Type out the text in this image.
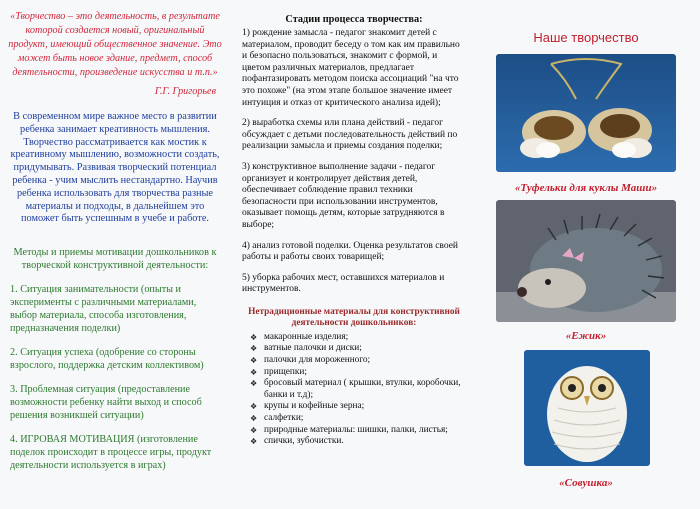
«Творчество – это деятельность, в результате которой создается новый, оригинальный продукт, имеющий общественное значение. Это может быть новое здание, предмет, способ деятельности, произведение искусства и т.п.»

Г.Г. Григорьев

В современном мире важное место в развитии ребенка занимает креативность мышления. Творчество рассматривается как мостик к креативному мышлению, возможности создать, придумывать. Развивая творческий потенциал ребенка - учим мыслить нестандартно. Научив ребенка использовать для творчества разные материалы и подходы, в дальнейшем это поможет быть успешным в учебе и работе.

Методы и приемы мотивации дошкольников к творческой конструктивной деятельности:

1. Ситуация занимательности (опыты и эксперименты с различными материалами, выбор материала, способа изготовления, предназначения поделки)

2. Ситуация успеха (одобрение со стороны взрослого, поддержка детским коллективом)

3. Проблемная ситуация (предоставление возможности ребенку найти выход и способ решения возникшей ситуации)

4. ИГРОВАЯ МОТИВАЦИЯ (изготовление поделок происходит в процессе игры, продукт деятельности используется в играх)

Стадии процесса творчества:

1) рождение замысла - педагог знакомит детей с материалом, проводит беседу о том как им правильно и безопасно пользоваться, знакомит с формой, и цветом различных материалов, предлагает пофантазировать методом поиска ассоциаций "на что это похоже" (на этом этапе большое значение имеет интуиция и отказ от критического анализа идей);

2) выработка схемы или плана действий - педагог обсуждает с детьми последовательность действий по реализации замысла и приемы создания поделки;

3) конструктивное выполнение задачи - педагог организует и контролирует действия детей, обеспечивает соблюдение правил техники безопасности при использовании инструментов, оказывает помощь детям, которые затрудняются в выборе;

4) анализ готовой поделки. Оценка результатов своей работы и работы своих товарищей;

5) уборка рабочих мест, оставшихся материалов и инструментов.

Нетрадиционные материалы для конструктивной деятельности дошкольников:

❖ макаронные изделия;
❖ ватные палочки и диски;
❖ палочки для мороженного;
❖ прищепки;
❖ бросовый материал ( крышки, втулки, коробочки, банки и т.д);
❖ крупы и кофейные зерна;
❖ салфетки;
❖ природные материалы: шишки, палки, листья;
❖ спички, зубочистки.
Наше творчество
«Туфельки для куклы Маши»
«Ежик»
«Совушка»
